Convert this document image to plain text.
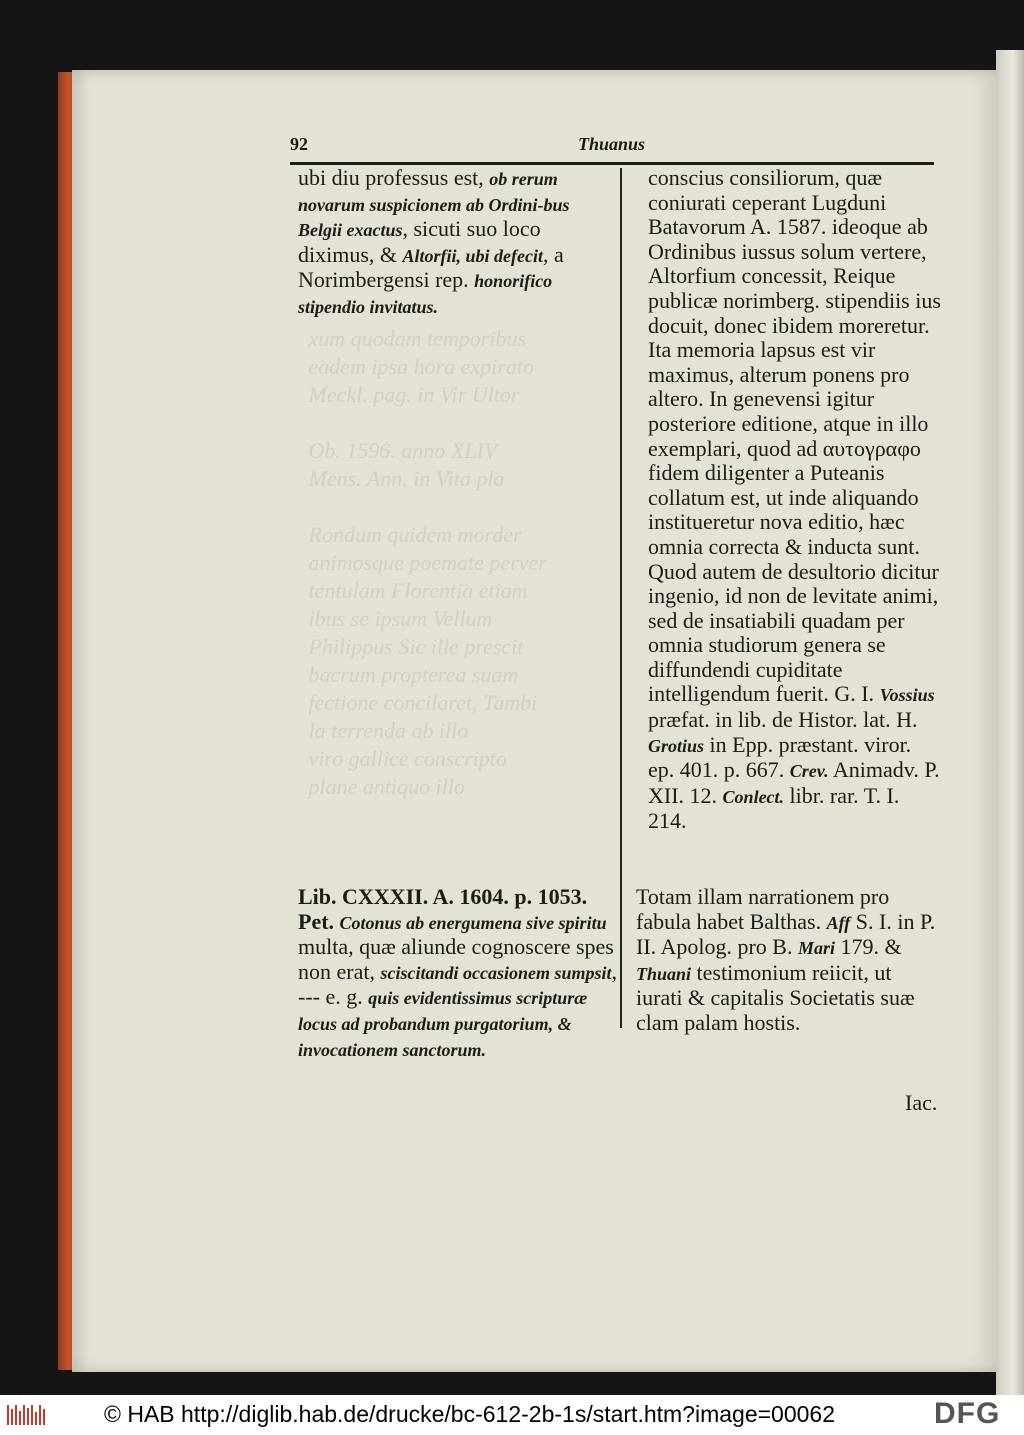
xum quodam temporibus
eadem ipsa hora expirato
Meckl. pag. in Vir Ultor

Ob. 1596. anno XLIV
Mens. Ann. in Vita pla

Rondum quidem morder
animosque poemate perver
tentulam Florentia etiam
ibus se ipsum Vellum
Philippus Sic ille prescit
bacrum propterea suam
fectione concilaret, Tambi
la terrenda ab illo
viro gallice conscripto
plane antiquo illo
92	Thuanus
ubi diu professus est, ob rerum novarum suspicionem ab Ordini-bus Belgii exactus, sicuti suo loco diximus, & Altorfii, ubi defecit, a Norimbergensi rep. honorifico stipendio invitatus.
conscius consiliorum, quæ coniurati ceperant Lugduni Batavorum A. 1587. ideoque ab Ordinibus iussus solum vertere, Altorfium concessit, Reique publicæ norimberg. stipendiis ius docuit, donec ibidem moreretur. Ita memoria lapsus est vir maximus, alterum ponens pro altero. In genevensi igitur posteriore editione, atque in illo exemplari, quod ad αυτογραφο fidem diligenter a Puteanis collatum est, ut inde aliquando institueretur nova editio, hæc omnia correcta & inducta sunt. Quod autem de desultorio dicitur ingenio, id non de levitate animi, sed de insatiabili quadam per omnia studiorum genera se diffundendi cupiditate intelligendum fuerit. G. I. Vossius præfat. in lib. de Histor. lat. H. Grotius in Epp. præstant. viror. ep. 401. p. 667. Crev. Animadv. P. XII. 12. Conlect. libr. rar. T. I. 214.
Lib. CXXXII. A. 1604. p. 1053. Pet. Cotonus ab energumena sive spiritu multa, quæ aliunde cognoscere spes non erat, sciscitandi occasionem sumpsit, --- e. g. quis evidentissimus scripturæ locus ad probandum purgatorium, & invocationem sanctorum.
Totam illam narrationem pro fabula habet Balthas. Aff S. I. in P. II. Apolog. pro B. Mari 179. & Thuani testimonium reiicit, ut iurati & capitalis Societatis suæ clam palam hostis.
Iac.
© HAB http://diglib.hab.de/drucke/bc-612-2b-1s/start.htm?image=00062	DFG
